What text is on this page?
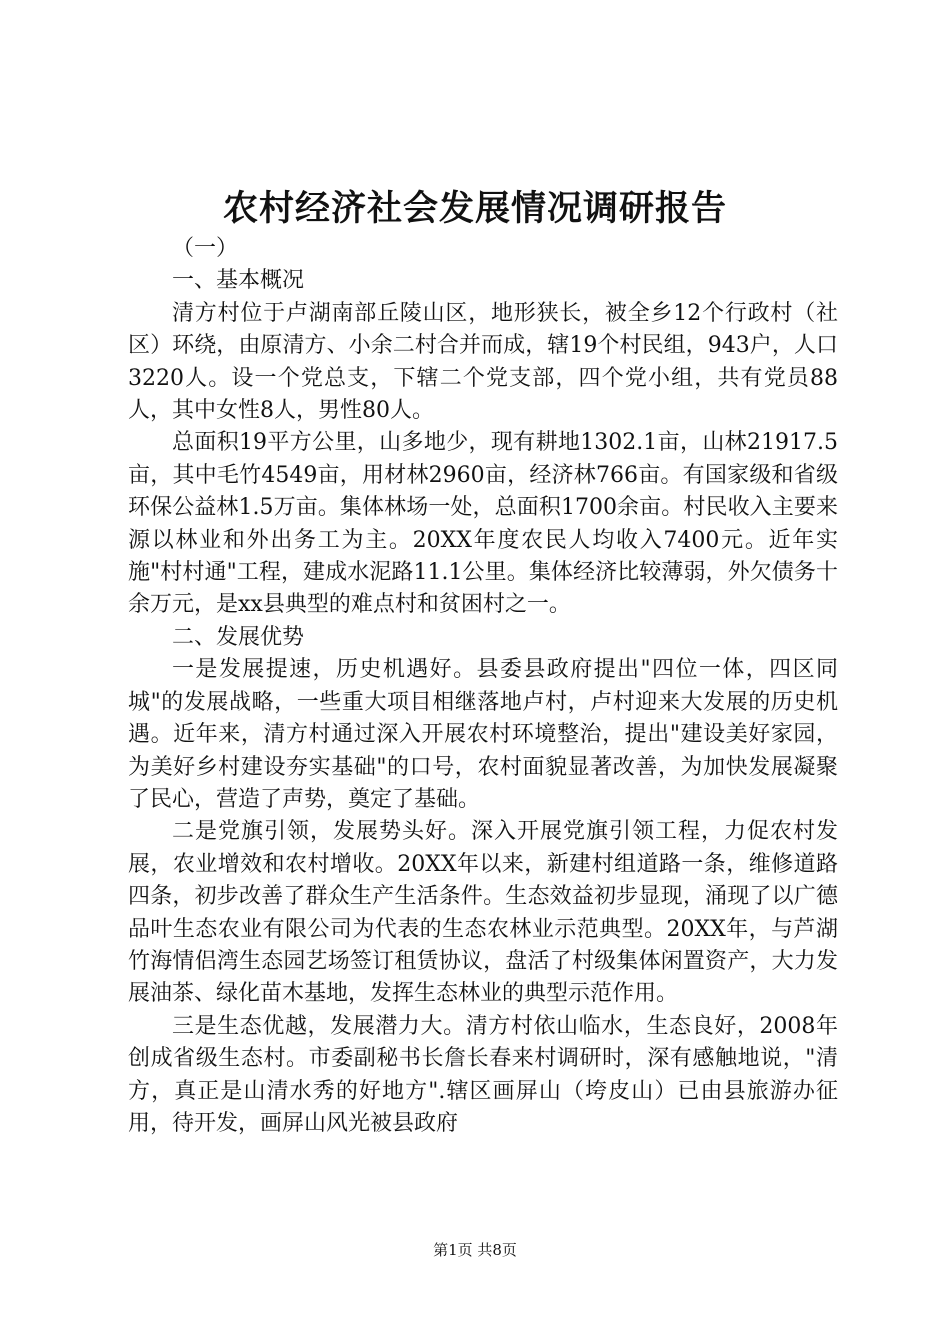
农村经济社会发展情况调研报告

（一）

一、基本概况

清方村位于卢湖南部丘陵山区，地形狭长，被全乡12个行政村（社区）环绕，由原清方、小余二村合并而成，辖19个村民组，943户，人口3220人。设一个党总支，下辖二个党支部，四个党小组，共有党员88人，其中女性8人，男性80人。

总面积19平方公里，山多地少，现有耕地1302.1亩，山林21917.5亩，其中毛竹4549亩，用材林2960亩，经济林766亩。有国家级和省级环保公益林1.5万亩。集体林场一处，总面积1700余亩。村民收入主要来源以林业和外出务工为主。20XX年度农民人均收入7400元。近年实施"村村通"工程，建成水泥路11.1公里。集体经济比较薄弱，外欠债务十余万元，是xx县典型的难点村和贫困村之一。

二、发展优势

一是发展提速，历史机遇好。县委县政府提出"四位一体，四区同城"的发展战略，一些重大项目相继落地卢村，卢村迎来大发展的历史机遇。近年来，清方村通过深入开展农村环境整治，提出"建设美好家园，为美好乡村建设夯实基础"的口号，农村面貌显著改善，为加快发展凝聚了民心，营造了声势，奠定了基础。

二是党旗引领，发展势头好。深入开展党旗引领工程，力促农村发展，农业增效和农村增收。20XX年以来，新建村组道路一条，维修道路四条，初步改善了群众生产生活条件。生态效益初步显现，涌现了以广德品叶生态农业有限公司为代表的生态农林业示范典型。20XX年，与芦湖竹海情侣湾生态园艺场签订租赁协议，盘活了村级集体闲置资产，大力发展油茶、绿化苗木基地，发挥生态林业的典型示范作用。

三是生态优越，发展潜力大。清方村依山临水，生态良好，2008年创成省级生态村。市委副秘书长詹长春来村调研时，深有感触地说，"清方，真正是山清水秀的好地方".辖区画屏山（垮皮山）已由县旅游办征用，待开发，画屏山风光被县政府

第1页 共8页
